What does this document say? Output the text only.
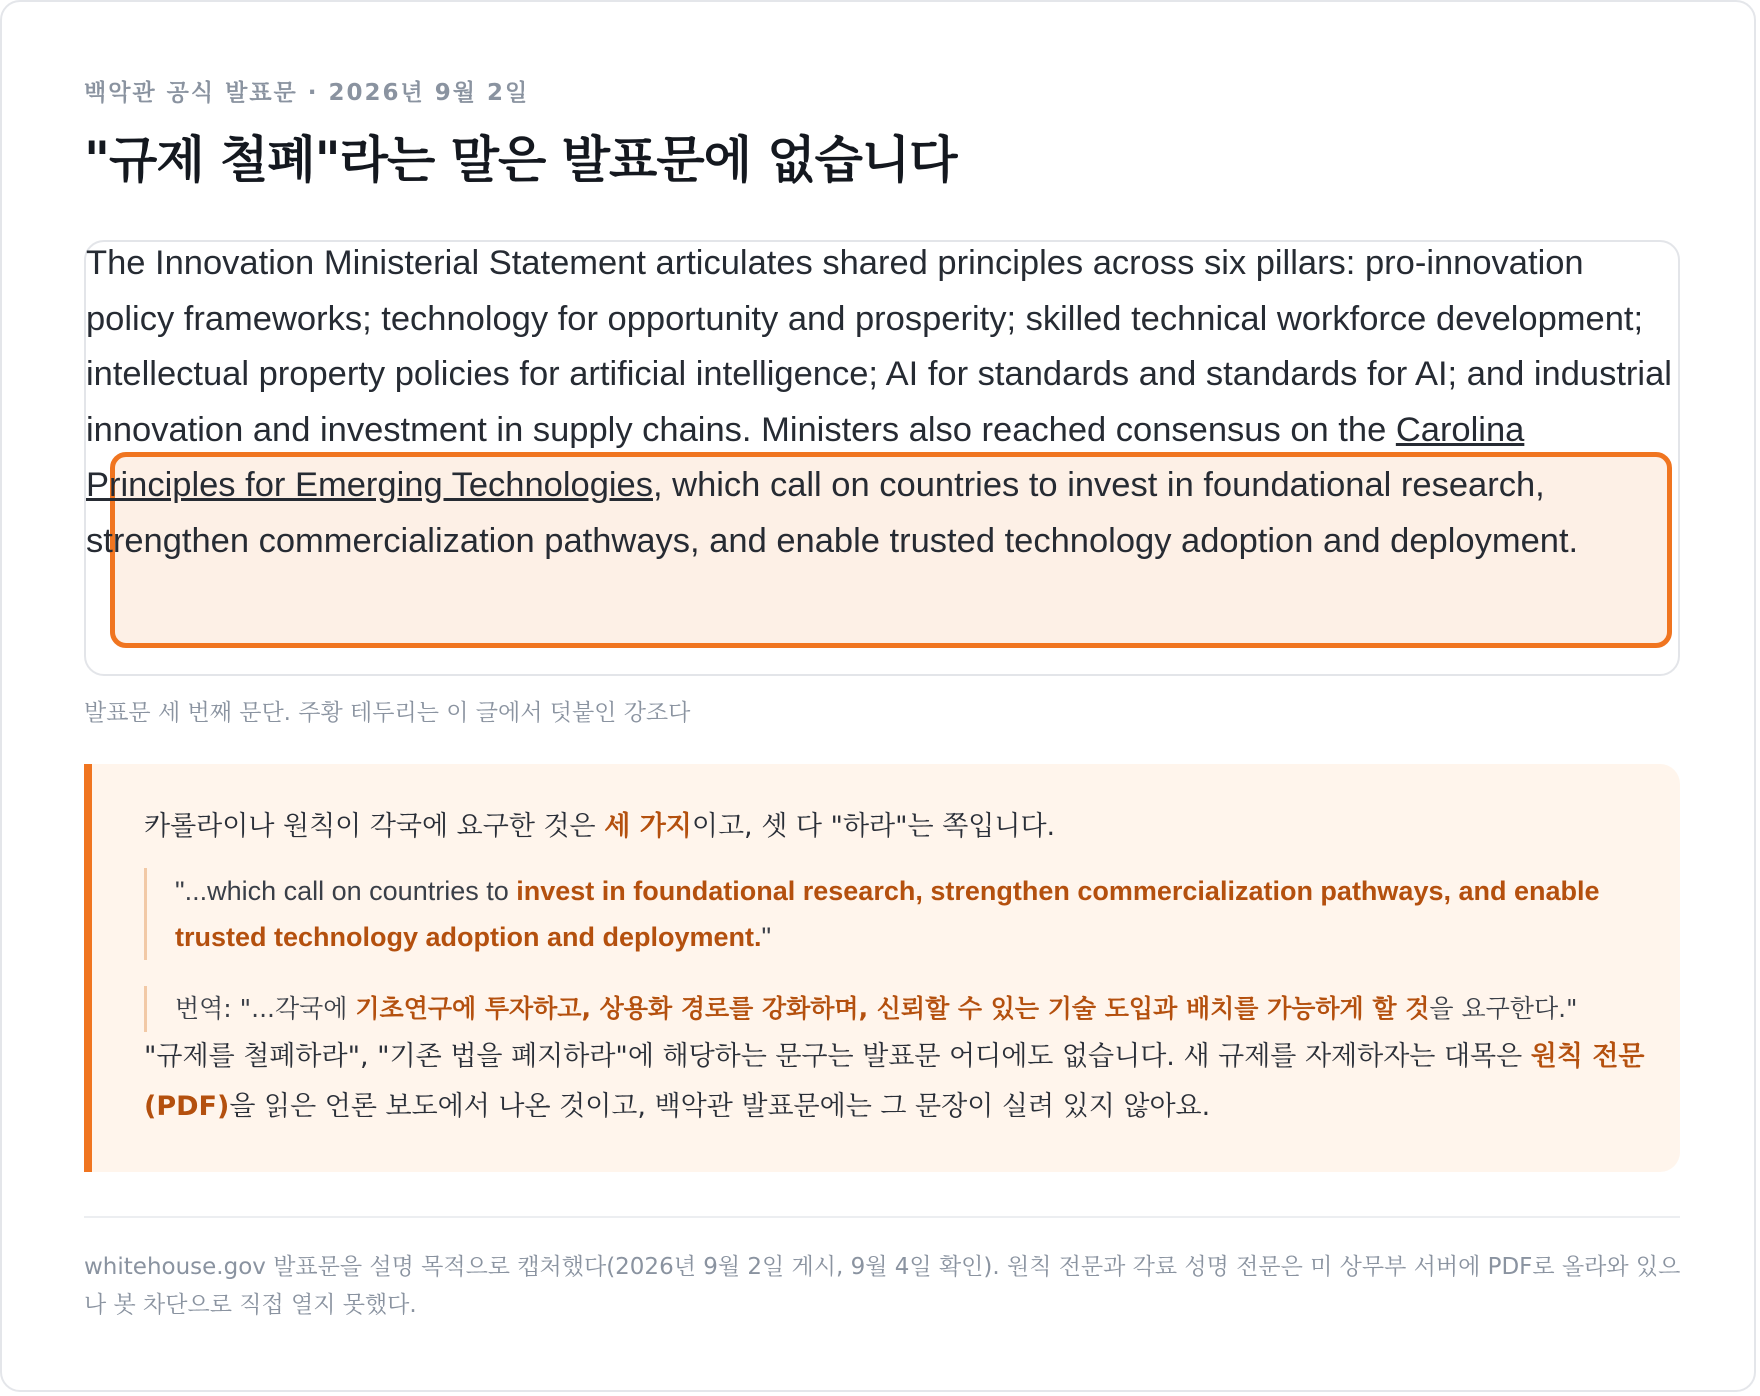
백악관 공식 발표문 · 2026년 9월 2일
"규제 철폐"라는 말은 발표문에 없습니다

The Innovation Ministerial Statement articulates shared principles across six pillars: pro-innovation policy frameworks; technology for opportunity and prosperity; skilled technical workforce development; intellectual property policies for artificial intelligence; AI for standards and standards for AI; and industrial innovation and investment in supply chains. Ministers also reached consensus on the Carolina Principles for Emerging Technologies, which call on countries to invest in foundational research, strengthen commercialization pathways, and enable trusted technology adoption and deployment.

발표문 세 번째 문단. 주황 테두리는 이 글에서 덧붙인 강조다

카롤라이나 원칙이 각국에 요구한 것은 세 가지이고, 셋 다 "하라"는 쪽입니다.

"...which call on countries to invest in foundational research, strengthen commercialization pathways, and enable trusted technology adoption and deployment."

번역: "...각국에 기초연구에 투자하고, 상용화 경로를 강화하며, 신뢰할 수 있는 기술 도입과 배치를 가능하게 할 것을 요구한다."

"규제를 철폐하라", "기존 법을 폐지하라"에 해당하는 문구는 발표문 어디에도 없습니다. 새 규제를 자제하자는 대목은 원칙 전문 (PDF)을 읽은 언론 보도에서 나온 것이고, 백악관 발표문에는 그 문장이 실려 있지 않아요.

whitehouse.gov 발표문을 설명 목적으로 캡처했다(2026년 9월 2일 게시, 9월 4일 확인). 원칙 전문과 각료 성명 전문은 미 상무부 서버에 PDF로 올라와 있으나 봇 차단으로 직접 열지 못했다.
